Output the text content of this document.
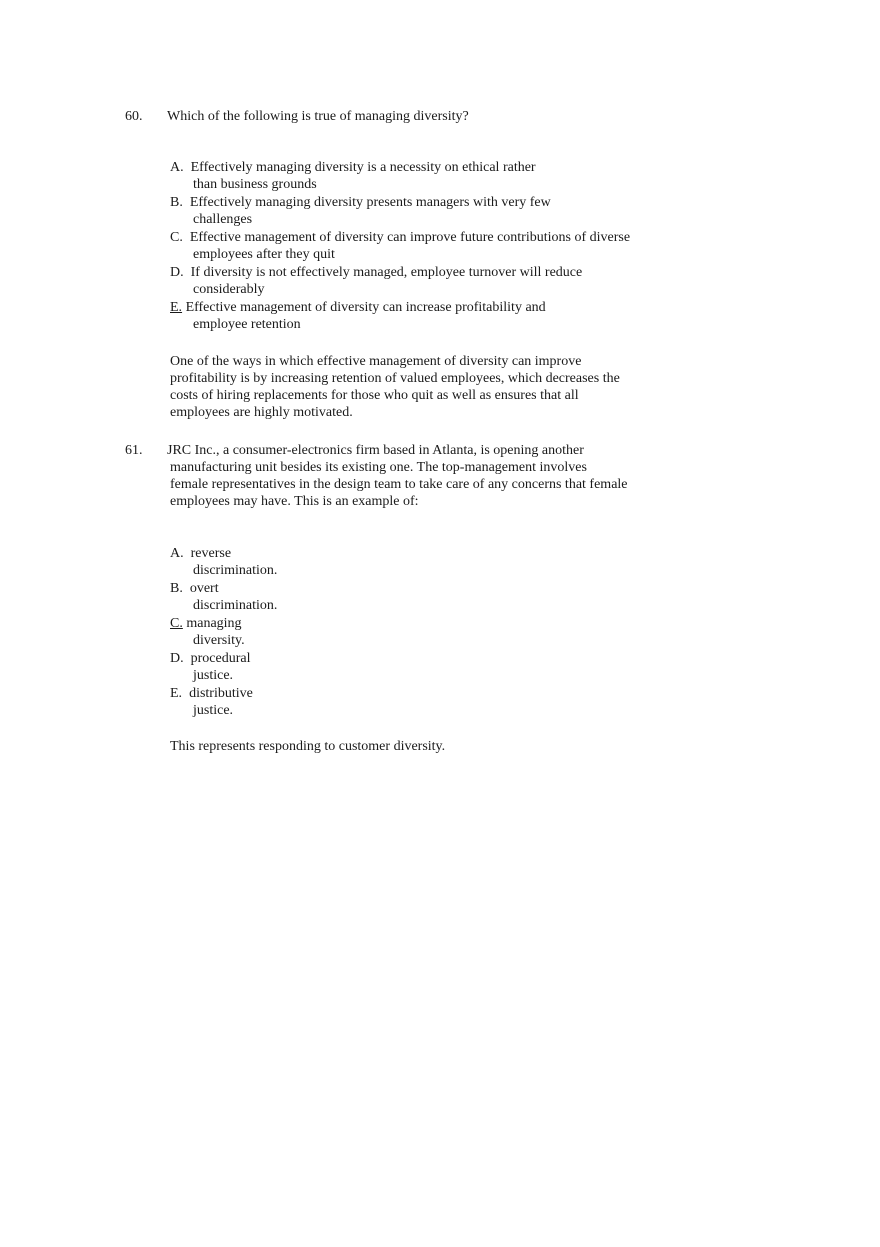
60. Which of the following is true of managing diversity?
A. Effectively managing diversity is a necessity on ethical rather
than business grounds
B. Effectively managing diversity presents managers with very few
challenges
C. Effective management of diversity can improve future contributions of diverse
employees after they quit
D. If diversity is not effectively managed, employee turnover will reduce
considerably
E. Effective management of diversity can increase profitability and
employee retention
One of the ways in which effective management of diversity can improve
profitability is by increasing retention of valued employees, which decreases the
costs of hiring replacements for those who quit as well as ensures that all
employees are highly motivated.
61. JRC Inc., a consumer-electronics firm based in Atlanta, is opening another
manufacturing unit besides its existing one. The top-management involves
female representatives in the design team to take care of any concerns that female
employees may have. This is an example of:
A. reverse
discrimination.
B. overt
discrimination.
C. managing
diversity.
D. procedural
justice.
E. distributive
justice.
This represents responding to customer diversity.
